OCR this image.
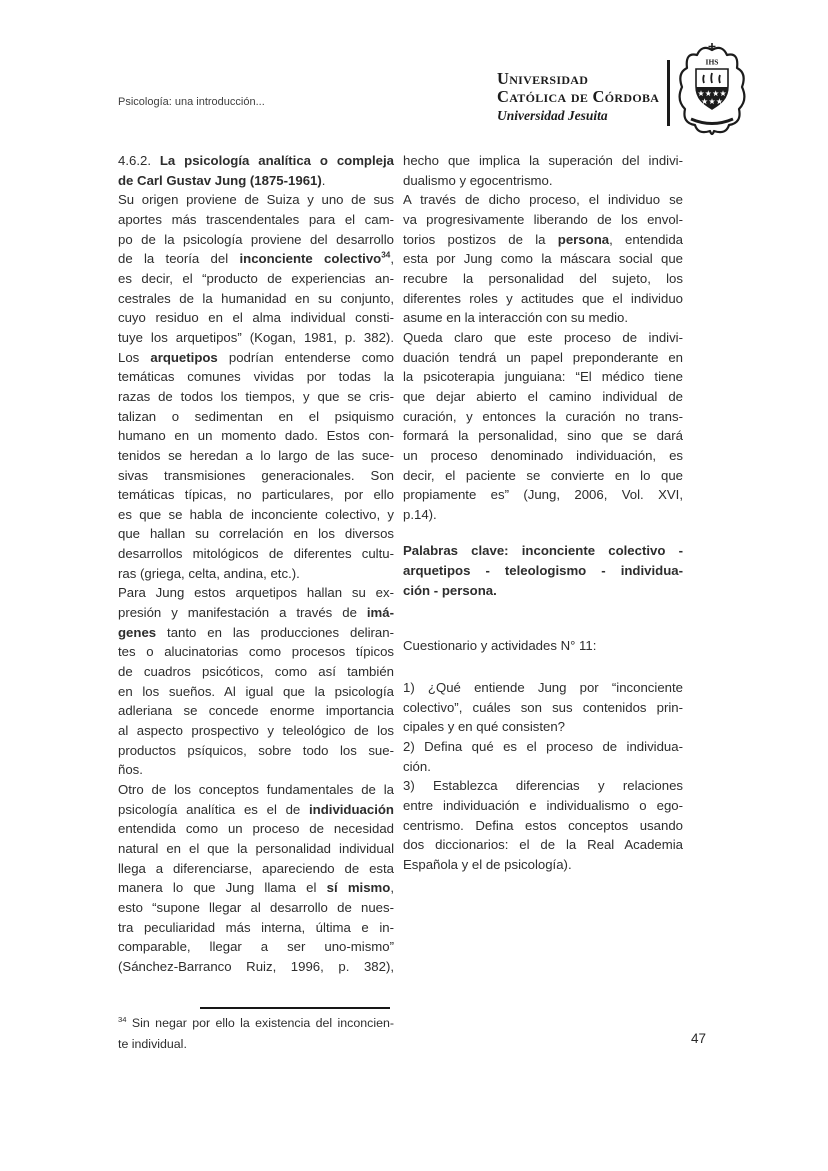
Psicología: una introducción...
Universidad
Católica de Córdoba
Universidad Jesuita
IHS
4.6.2. La psicología analítica o compleja
de Carl Gustav Jung (1875-1961).
Su origen proviene de Suiza y uno de sus
aportes más trascendentales para el cam-
po de la psicología proviene del desarrollo
de la teoría del inconciente colectivo$^{34}$,
es decir, el “producto de experiencias an-
cestrales de la humanidad en su conjunto,
cuyo residuo en el alma individual consti-
tuye los arquetipos” (Kogan, 1981, p. 382).
Los arquetipos podrían entenderse como
temáticas comunes vividas por todas la
razas de todos los tiempos, y que se cris-
talizan o sedimentan en el psiquismo
humano en un momento dado. Estos con-
tenidos se heredan a lo largo de las suce-
sivas transmisiones generacionales. Son
temáticas típicas, no particulares, por ello
es que se habla de inconciente colectivo, y
que hallan su correlación en los diversos
desarrollos mitológicos de diferentes cultu-
ras (griega, celta, andina, etc.).
Para Jung estos arquetipos hallan su ex-
presión y manifestación a través de imá-
genes tanto en las producciones deliran-
tes o alucinatorias como procesos típicos
de cuadros psicóticos, como así también
en los sueños. Al igual que la psicología
adleriana se concede enorme importancia
al aspecto prospectivo y teleológico de los
productos psíquicos, sobre todo los sue-
ños.
Otro de los conceptos fundamentales de la
psicología analítica es el de individuación
entendida como un proceso de necesidad
natural en el que la personalidad individual
llega a diferenciarse, apareciendo de esta
manera lo que Jung llama el sí mismo,
esto “supone llegar al desarrollo de nues-
tra peculiaridad más interna, última e in-
comparable, llegar a ser uno-mismo”
(Sánchez-Barranco Ruiz, 1996, p. 382),
hecho que implica la superación del indivi-
dualismo y egocentrismo.
A través de dicho proceso, el individuo se
va progresivamente liberando de los envol-
torios postizos de la persona, entendida
esta por Jung como la máscara social que
recubre la personalidad del sujeto, los
diferentes roles y actitudes que el individuo
asume en la interacción con su medio.
Queda claro que este proceso de indivi-
duación tendrá un papel preponderante en
la psicoterapia junguiana: “El médico tiene
que dejar abierto el camino individual de
curación, y entonces la curación no trans-
formará la personalidad, sino que se dará
un proceso denominado individuación, es
decir, el paciente se convierte en lo que
propiamente es” (Jung, 2006, Vol. XVI,
p.14).
Palabras clave: inconciente colectivo -
arquetipos - teleologismo - individua-
ción - persona.
Cuestionario y actividades N° 11:
1) ¿Qué entiende Jung por “inconciente
colectivo”, cuáles son sus contenidos prin-
cipales y en qué consisten?
2) Defina qué es el proceso de individua-
ción.
3) Establezca diferencias y relaciones
entre individuación e individualismo o ego-
centrismo. Defina estos conceptos usando
dos diccionarios: el de la Real Academia
Española y el de psicología).
$^{34}$ Sin negar por ello la existencia del inconcien-
te individual.	47
